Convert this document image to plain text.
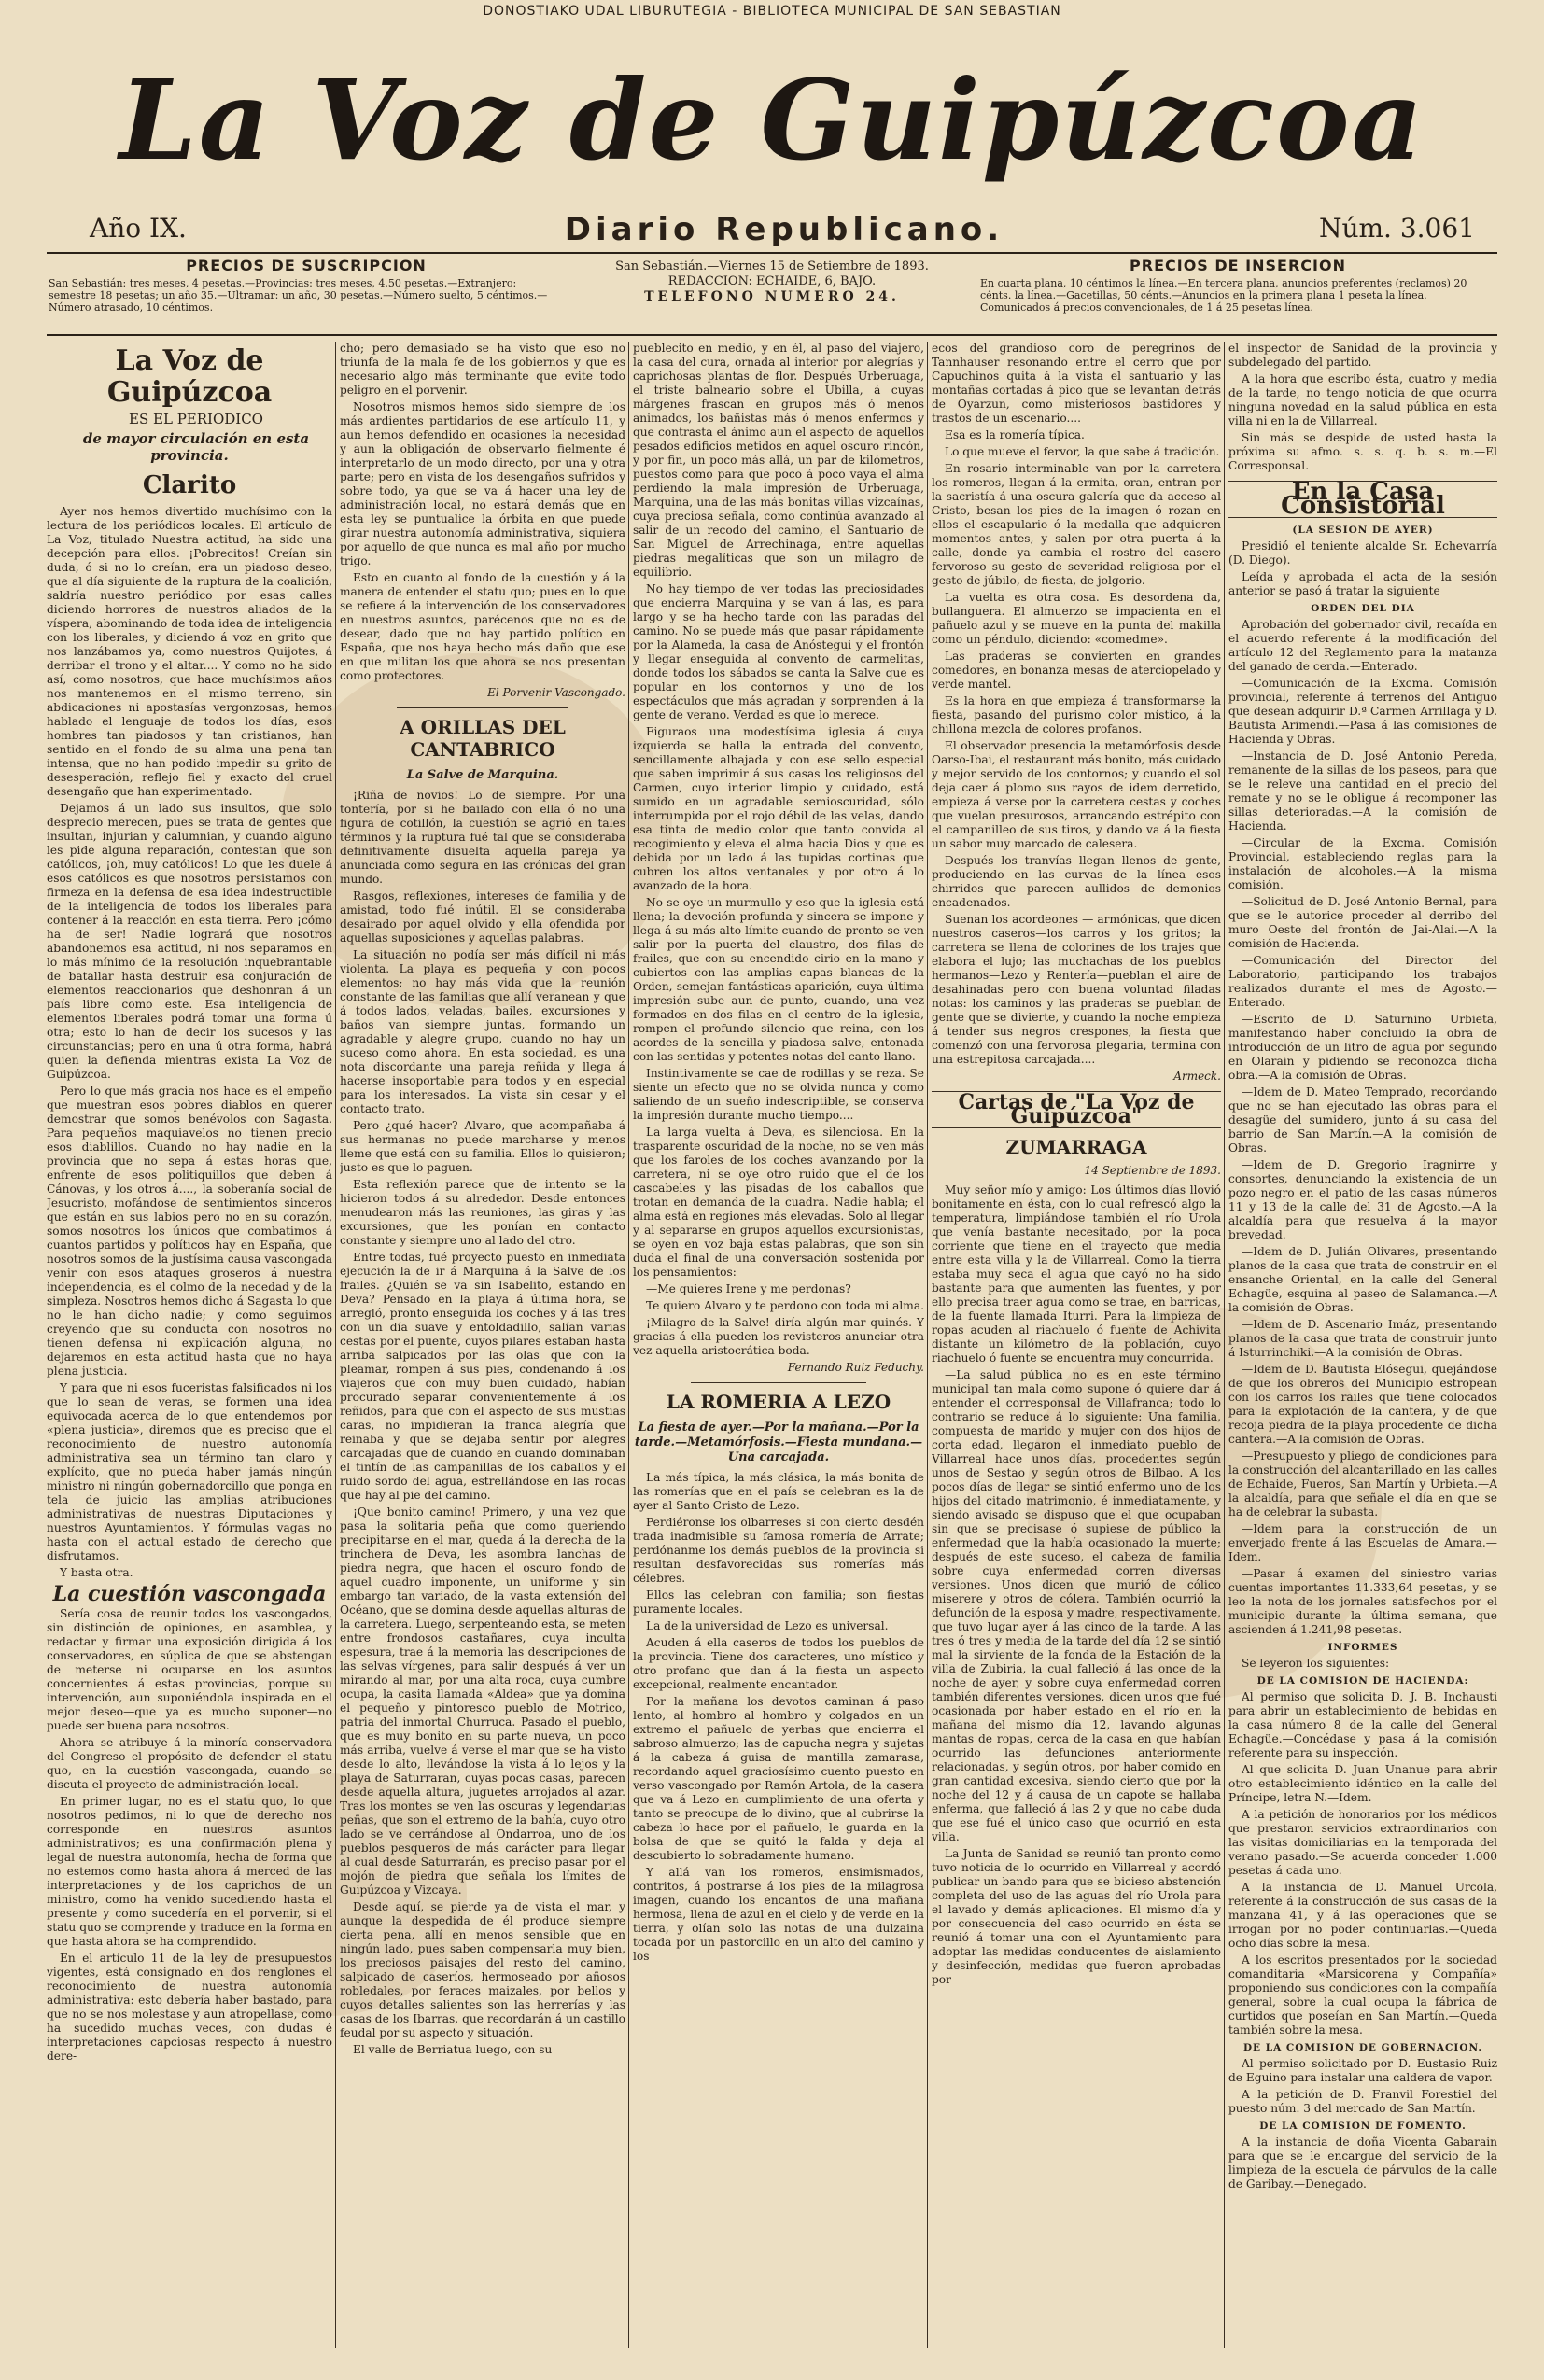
DONOSTIAKO UDAL LIBURUTEGIA - BIBLIOTECA MUNICIPAL DE SAN SEBASTIAN
La Voz de Guipúzcoa
Año IX.	Diario Republicano.	Núm. 3.061
PRECIOS DE SUSCRIPCION
San Sebastián: tres meses, 4 pesetas.—Provincias: tres meses, 4,50 pesetas.—Extranjero: semestre 18 pesetas; un año 35.—Ultramar: un año, 30 pesetas.—Número suelto, 5 céntimos.—Número atrasado, 10 céntimos.
San Sebastián.—Viernes 15 de Setiembre de 1893.
REDACCION: ECHAIDE, 6, BAJO.
TELEFONO NUMERO 24.
PRECIOS DE INSERCION
En cuarta plana, 10 céntimos la línea.—En tercera plana, anuncios preferentes (reclamos) 20 cénts. la línea.—Gacetillas, 50 cénts.—Anuncios en la primera plana 1 peseta la línea. Comunicados á precios convencionales, de 1 á 25 pesetas línea.
La Voz de Guipúzcoa

ES EL PERIODICO

de mayor circulación en esta provincia.

Clarito

Ayer nos hemos divertido muchísimo con la lectura de los periódicos locales. El artículo de La Voz, titulado Nuestra actitud, ha sido una decepción para ellos. ¡Pobrecitos! Creían sin duda, ó si no lo creían, era un piadoso deseo, que al día siguiente de la ruptura de la coalición, saldría nuestro periódico por esas calles diciendo horrores de nuestros aliados de la víspera, abominando de toda idea de inteligencia con los liberales, y diciendo á voz en grito que nos lanzábamos ya, como nuestros Quijotes, á derribar el trono y el altar.... Y como no ha sido así, como nosotros, que hace muchísimos años nos mantenemos en el mismo terreno, sin abdicaciones ni apostasías vergonzosas, hemos hablado el lenguaje de todos los días, esos hombres tan piadosos y tan cristianos, han sentido en el fondo de su alma una pena tan intensa, que no han podido impedir su grito de desesperación, reflejo fiel y exacto del cruel desengaño que han experimentado.

Dejamos á un lado sus insultos, que solo desprecio merecen, pues se trata de gentes que insultan, injurian y calumnian, y cuando alguno les pide alguna reparación, contestan que son católicos, ¡oh, muy católicos! Lo que les duele á esos católicos es que nosotros persistamos con firmeza en la defensa de esa idea indestructible de la inteligencia de todos los liberales para contener á la reacción en esta tierra. Pero ¡cómo ha de ser! Nadie logrará que nosotros abandonemos esa actitud, ni nos separamos en lo más mínimo de la resolución inquebrantable de batallar hasta destruir esa conjuración de elementos reaccionarios que deshonran á un país libre como este. Esa inteligencia de elementos liberales podrá tomar una forma ú otra; esto lo han de decir los sucesos y las circunstancias; pero en una ú otra forma, habrá quien la defienda mientras exista La Voz de Guipúzcoa.

Pero lo que más gracia nos hace es el empeño que muestran esos pobres diablos en querer demostrar que somos benévolos con Sagasta. Para pequeños maquiavelos no tienen precio esos diablillos. Cuando no hay nadie en la provincia que no sepa á estas horas que, enfrente de esos politiquillos que deben á Cánovas, y los otros á...., la soberanía social de Jesucristo, mofándose de sentimientos sinceros que están en sus labios pero no en su corazón, somos nosotros los únicos que combatimos á cuantos partidos y políticos hay en España, que nosotros somos de la justísima causa vascongada venir con esos ataques groseros á nuestra independencia, es el colmo de la necedad y de la simpleza. Nosotros hemos dicho á Sagasta lo que no le han dicho nadie; y como seguimos creyendo que su conducta con nosotros no tienen defensa ni explicación alguna, no dejaremos en esta actitud hasta que no haya plena justicia.

Y para que ni esos fuceristas falsificados ni los que lo sean de veras, se formen una idea equivocada acerca de lo que entendemos por «plena justicia», diremos que es preciso que el reconocimiento de nuestro autonomía administrativa sea un término tan claro y explícito, que no pueda haber jamás ningún ministro ni ningún gobernadorcillo que ponga en tela de juicio las amplias atribuciones administrativas de nuestras Diputaciones y nuestros Ayuntamientos. Y fórmulas vagas no hasta con el actual estado de derecho que disfrutamos.

Y basta otra.

La cuestión vascongada

Sería cosa de reunir todos los vascongados, sin distinción de opiniones, en asamblea, y redactar y firmar una exposición dirigida á los conservadores, en súplica de que se abstengan de meterse ni ocuparse en los asuntos concernientes á estas provincias, porque su intervención, aun suponiéndola inspirada en el mejor deseo—que ya es mucho suponer—no puede ser buena para nosotros.

Ahora se atribuye á la minoría conservadora del Congreso el propósito de defender el statu quo, en la cuestión vascongada, cuando se discuta el proyecto de administración local.

En primer lugar, no es el statu quo, lo que nosotros pedimos, ni lo que de derecho nos corresponde en nuestros asuntos administrativos; es una confirmación plena y legal de nuestra autonomía, hecha de forma que no estemos como hasta ahora á merced de las interpretaciones y de los caprichos de un ministro, como ha venido sucediendo hasta el presente y como sucedería en el porvenir, si el statu quo se comprende y traduce en la forma en que hasta ahora se ha comprendido.

En el artículo 11 de la ley de presupuestos vigentes, está consignado en dos renglones el reconocimiento de nuestra autonomía administrativa: esto debería haber bastado, para que no se nos molestase y aun atropellase, como ha sucedido muchas veces, con dudas é interpretaciones capciosas respecto á nuestro dere-

cho; pero demasiado se ha visto que eso no triunfa de la mala fe de los gobiernos y que es necesario algo más terminante que evite todo peligro en el porvenir.

Nosotros mismos hemos sido siempre de los más ardientes partidarios de ese artículo 11, y aun hemos defendido en ocasiones la necesidad y aun la obligación de observarlo fielmente é interpretarlo de un modo directo, por una y otra parte; pero en vista de los desengaños sufridos y sobre todo, ya que se va á hacer una ley de administración local, no estará demás que en esta ley se puntualice la órbita en que puede girar nuestra autonomía administrativa, siquiera por aquello de que nunca es mal año por mucho trigo.

Esto en cuanto al fondo de la cuestión y á la manera de entender el statu quo; pues en lo que se refiere á la intervención de los conservadores en nuestros asuntos, parécenos que no es de desear, dado que no hay partido político en España, que nos haya hecho más daño que ese en que militan los que ahora se nos presentan como protectores.

El Porvenir Vascongado.
A ORILLAS DEL CANTABRICO
La Salve de Marquina.

¡Riña de novios! Lo de siempre. Por una tontería, por si he bailado con ella ó no una figura de cotillón, la cuestión se agrió en tales términos y la ruptura fué tal que se consideraba definitivamente disuelta aquella pareja ya anunciada como segura en las crónicas del gran mundo.

Rasgos, reflexiones, intereses de familia y de amistad, todo fué inútil. El se consideraba desairado por aquel olvido y ella ofendida por aquellas suposiciones y aquellas palabras.

La situación no podía ser más difícil ni más violenta. La playa es pequeña y con pocos elementos; no hay más vida que la reunión constante de las familias que allí veranean y que á todos lados, veladas, bailes, excursiones y baños van siempre juntas, formando un agradable y alegre grupo, cuando no hay un suceso como ahora. En esta sociedad, es una nota discordante una pareja reñida y llega á hacerse insoportable para todos y en especial para los interesados. La vista sin cesar y el contacto trato.

Pero ¿qué hacer? Alvaro, que acompañaba á sus hermanas no puede marcharse y menos lleme que está con su familia. Ellos lo quisieron; justo es que lo paguen.

Esta reflexión parece que de intento se la hicieron todos á su alrededor. Desde entonces menudearon más las reuniones, las giras y las excursiones, que les ponían en contacto constante y siempre uno al lado del otro.

Entre todas, fué proyecto puesto en inmediata ejecución la de ir á Marquina á la Salve de los frailes. ¿Quién se va sin Isabelito, estando en Deva? Pensado en la playa á última hora, se arregló, pronto enseguida los coches y á las tres con un día suave y entoldadillo, salían varias cestas por el puente, cuyos pilares estaban hasta arriba salpicados por las olas que con la pleamar, rompen á sus pies, condenando á los viajeros que con muy buen cuidado, habían procurado separar convenientemente á los reñidos, para que con el aspecto de sus mustias caras, no impidieran la franca alegría que reinaba y que se dejaba sentir por alegres carcajadas que de cuando en cuando dominaban el tintín de las campanillas de los caballos y el ruido sordo del agua, estrellándose en las rocas que hay al pie del camino.

¡Que bonito camino! Primero, y una vez que pasa la solitaria peña que como queriendo precipitarse en el mar, queda á la derecha de la trinchera de Deva, les asombra lanchas de piedra negra, que hacen el oscuro fondo de aquel cuadro imponente, un uniforme y sin embargo tan variado, de la vasta extensión del Océano, que se domina desde aquellas alturas de la carretera. Luego, serpenteando esta, se meten entre frondosos castañares, cuya inculta espesura, trae á la memoria las descripciones de las selvas vírgenes, para salir después á ver un mirando al mar, por una alta roca, cuya cumbre ocupa, la casita llamada «Aldea» que ya domina el pequeño y pintoresco pueblo de Motrico, patria del inmortal Churruca. Pasado el pueblo, que es muy bonito en su parte nueva, un poco más arriba, vuelve á verse el mar que se ha visto desde lo alto, llevándose la vista á lo lejos y la playa de Saturraran, cuyas pocas casas, parecen desde aquella altura, juguetes arrojados al azar. Tras los montes se ven las oscuras y legendarias peñas, que son el extremo de la bahía, cuyo otro lado se ve cerrándose al Ondarroa, uno de los pueblos pesqueros de más carácter para llegar al cual desde Saturrarán, es preciso pasar por el mojón de piedra que señala los límites de Guipúzcoa y Vizcaya.

Desde aquí, se pierde ya de vista el mar, y aunque la despedida de él produce siempre cierta pena, allí en menos sensible que en ningún lado, pues saben compensarla muy bien, los preciosos paisajes del resto del camino, salpicado de caseríos, hermoseado por añosos robledales, por feraces maizales, por bellos y cuyos detalles salientes son las herrerías y las casas de los Ibarras, que recordarán á un castillo feudal por su aspecto y situación.

El valle de Berriatua luego, con su

pueblecito en medio, y en él, al paso del viajero, la casa del cura, ornada al interior por alegrías y caprichosas plantas de flor. Después Urberuaga, el triste balneario sobre el Ubilla, á cuyas márgenes frascan en grupos más ó menos animados, los bañistas más ó menos enfermos y que contrasta el ánimo aun el aspecto de aquellos pesados edificios metidos en aquel oscuro rincón, y por fin, un poco más allá, un par de kilómetros, puestos como para que poco á poco vaya el alma perdiendo la mala impresión de Urberuaga, Marquina, una de las más bonitas villas vizcaínas, cuya preciosa señala, como continúa avanzado al salir de un recodo del camino, el Santuario de San Miguel de Arrechinaga, entre aquellas piedras megalíticas que son un milagro de equilibrio.

No hay tiempo de ver todas las preciosidades que encierra Marquina y se van á las, es para largo y se ha hecho tarde con las paradas del camino. No se puede más que pasar rápidamente por la Alameda, la casa de Anóstegui y el frontón y llegar enseguida al convento de carmelitas, donde todos los sábados se canta la Salve que es popular en los contornos y uno de los espectáculos que más agradan y sorprenden á la gente de verano. Verdad es que lo merece.

Figuraos una modestísima iglesia á cuya izquierda se halla la entrada del convento, sencillamente albajada y con ese sello especial que saben imprimir á sus casas los religiosos del Carmen, cuyo interior limpio y cuidado, está sumido en un agradable semioscuridad, sólo interrumpida por el rojo débil de las velas, dando esa tinta de medio color que tanto convida al recogimiento y eleva el alma hacia Dios y que es debida por un lado á las tupidas cortinas que cubren los altos ventanales y por otro á lo avanzado de la hora.

No se oye un murmullo y eso que la iglesia está llena; la devoción profunda y sincera se impone y llega á su más alto límite cuando de pronto se ven salir por la puerta del claustro, dos filas de frailes, que con su encendido cirio en la mano y cubiertos con las amplias capas blancas de la Orden, semejan fantásticas aparición, cuya última impresión sube aun de punto, cuando, una vez formados en dos filas en el centro de la iglesia, rompen el profundo silencio que reina, con los acordes de la sencilla y piadosa salve, entonada con las sentidas y potentes notas del canto llano.

Instintivamente se cae de rodillas y se reza. Se siente un efecto que no se olvida nunca y como saliendo de un sueño indescriptible, se conserva la impresión durante mucho tiempo....

La larga vuelta á Deva, es silenciosa. En la trasparente oscuridad de la noche, no se ven más que los faroles de los coches avanzando por la carretera, ni se oye otro ruido que el de los cascabeles y las pisadas de los caballos que trotan en demanda de la cuadra. Nadie habla; el alma está en regiones más elevadas. Solo al llegar y al separarse en grupos aquellos excursionistas, se oyen en voz baja estas palabras, que son sin duda el final de una conversación sostenida por los pensamientos:

—Me quieres Irene y me perdonas?

Te quiero Alvaro y te perdono con toda mi alma.

¡Milagro de la Salve! diría algún mar quinés. Y gracias á ella pueden los revisteros anunciar otra vez aquella aristocrática boda.

Fernando Ruiz Feduchy.
LA ROMERIA A LEZO
La fiesta de ayer.—Por la mañana.—Por la tarde.—Metamórfosis.—Fiesta mundana.—Una carcajada.

La más típica, la más clásica, la más bonita de las romerías que en el país se celebran es la de ayer al Santo Cristo de Lezo.

Perdiéronse los olbarreses si con cierto desdén trada inadmisible su famosa romería de Arrate; perdónanme los demás pueblos de la provincia si resultan desfavorecidas sus romerías más célebres.

Ellos las celebran con familia; son fiestas puramente locales.

La de la universidad de Lezo es universal.

Acuden á ella caseros de todos los pueblos de la provincia. Tiene dos caracteres, uno místico y otro profano que dan á la fiesta un aspecto excepcional, realmente encantador.

Por la mañana los devotos caminan á paso lento, al hombro al hombro y colgados en un extremo el pañuelo de yerbas que encierra el sabroso almuerzo; las de capucha negra y sujetas á la cabeza á guisa de mantilla zamarasa, recordando aquel graciosísimo cuento puesto en verso vascongado por Ramón Artola, de la casera que va á Lezo en cumplimiento de una oferta y tanto se preocupa de lo divino, que al cubrirse la cabeza lo hace por el pañuelo, le guarda en la bolsa de que se quitó la falda y deja al descubierto lo sobradamente humano.

Y allá van los romeros, ensimismados, contritos, á postrarse á los pies de la milagrosa imagen, cuando los encantos de una mañana hermosa, llena de azul en el cielo y de verde en la tierra, y olían solo las notas de una dulzaina tocada por un pastorcillo en un alto del camino y los

ecos del grandioso coro de peregrinos de Tannhauser resonando entre el cerro que por Capuchinos quita á la vista el santuario y las montañas cortadas á pico que se levantan detrás de Oyarzun, como misteriosos bastidores y trastos de un escenario....

Esa es la romería típica.

Lo que mueve el fervor, la que sabe á tradición.

En rosario interminable van por la carretera los romeros, llegan á la ermita, oran, entran por la sacristía á una oscura galería que da acceso al Cristo, besan los pies de la imagen ó rozan en ellos el escapulario ó la medalla que adquieren momentos antes, y salen por otra puerta á la calle, donde ya cambia el rostro del casero fervoroso su gesto de severidad religiosa por el gesto de júbilo, de fiesta, de jolgorio.

La vuelta es otra cosa. Es desordena da, bullanguera. El almuerzo se impacienta en el pañuelo azul y se mueve en la punta del makilla como un péndulo, diciendo: «comedme».

Las praderas se convierten en grandes comedores, en bonanza mesas de aterciopelado y verde mantel.

Es la hora en que empieza á transformarse la fiesta, pasando del purismo color místico, á la chillona mezcla de colores profanos.

El observador presencia la metamórfosis desde Oarso-Ibai, el restaurant más bonito, más cuidado y mejor servido de los contornos; y cuando el sol deja caer á plomo sus rayos de idem derretido, empieza á verse por la carretera cestas y coches que vuelan presurosos, arrancando estrépito con el campanilleo de sus tiros, y dando va á la fiesta un sabor muy marcado de calesera.

Después los tranvías llegan llenos de gente, produciendo en las curvas de la línea esos chirridos que parecen aullidos de demonios encadenados.

Suenan los acordeones — armónicas, que dicen nuestros caseros—los carros y los gritos; la carretera se llena de colorines de los trajes que elabora el lujo; las muchachas de los pueblos hermanos—Lezo y Rentería—pueblan el aire de desahinadas pero con buena voluntad filadas notas: los caminos y las praderas se pueblan de gente que se divierte, y cuando la noche empieza á tender sus negros crespones, la fiesta que comenzó con una fervorosa plegaria, termina con una estrepitosa carcajada....

Armeck.
Cartas de "La Voz de Guipúzcoa"
ZUMARRAGA
14 Septiembre de 1893.

Muy señor mío y amigo: Los últimos días llovió bonitamente en ésta, con lo cual refrescó algo la temperatura, limpiándose también el río Urola que venía bastante necesitado, por la poca corriente que tiene en el trayecto que media entre esta villa y la de Villarreal. Como la tierra estaba muy seca el agua que cayó no ha sido bastante para que aumenten las fuentes, y por ello precisa traer agua como se trae, en barricas, de la fuente llamada Iturri. Para la limpieza de ropas acuden al riachuelo ó fuente de Achivita distante un kilómetro de la población, cuyo riachuelo ó fuente se encuentra muy concurrida.

—La salud pública no es en este término municipal tan mala como supone ó quiere dar á entender el corresponsal de Villafranca; todo lo contrario se reduce á lo siguiente: Una familia, compuesta de marido y mujer con dos hijos de corta edad, llegaron el inmediato pueblo de Villarreal hace unos días, procedentes según unos de Sestao y según otros de Bilbao. A los pocos días de llegar se sintió enfermo uno de los hijos del citado matrimonio, é inmediatamente, y siendo avisado se dispuso que el que ocupaban sin que se precisase ó supiese de público la enfermedad que la había ocasionado la muerte; después de este suceso, el cabeza de familia sobre cuya enfermedad corren diversas versiones. Unos dicen que murió de cólico miserere y otros de cólera. También ocurrió la defunción de la esposa y madre, respectivamente, que tuvo lugar ayer á las cinco de la tarde. A las tres ó tres y media de la tarde del día 12 se sintió mal la sirviente de la fonda de la Estación de la villa de Zubiria, la cual falleció á las once de la noche de ayer, y sobre cuya enfermedad corren también diferentes versiones, dicen unos que fué ocasionada por haber estado en el río en la mañana del mismo día 12, lavando algunas mantas de ropas, cerca de la casa en que habían ocurrido las defunciones anteriormente relacionadas, y según otros, por haber comido en gran cantidad excesiva, siendo cierto que por la noche del 12 y á causa de un capote se hallaba enferma, que falleció á las 2 y que no cabe duda que ese fué el único caso que ocurrió en esta villa.

La Junta de Sanidad se reunió tan pronto como tuvo noticia de lo ocurrido en Villarreal y acordó publicar un bando para que se bicieso abstención completa del uso de las aguas del río Urola para el lavado y demás aplicaciones. El mismo día y por consecuencia del caso ocurrido en ésta se reunió á tomar una con el Ayuntamiento para adoptar las medidas conducentes de aislamiento y desinfección, medidas que fueron aprobadas por

el inspector de Sanidad de la provincia y subdelegado del partido.

A la hora que escribo ésta, cuatro y media de la tarde, no tengo noticia de que ocurra ninguna novedad en la salud pública en esta villa ni en la de Villarreal.

Sin más se despide de usted hasta la próxima su afmo. s. s. q. b. s. m.—El Corresponsal.

En la Casa Consistorial
(LA SESION DE AYER)

Presidió el teniente alcalde Sr. Echevarría (D. Diego).

Leída y aprobada el acta de la sesión anterior se pasó á tratar la siguiente

ORDEN DEL DIA

Aprobación del gobernador civil, recaída en el acuerdo referente á la modificación del artículo 12 del Reglamento para la matanza del ganado de cerda.—Enterado.

—Comunicación de la Excma. Comisión provincial, referente á terrenos del Antiguo que desean adquirir D.ª Carmen Arrillaga y D. Bautista Arimendi.—Pasa á las comisiones de Hacienda y Obras.

—Instancia de D. José Antonio Pereda, remanente de la sillas de los paseos, para que se le releve una cantidad en el precio del remate y no se le obligue á recomponer las sillas deterioradas.—A la comisión de Hacienda.

—Circular de la Excma. Comisión Provincial, estableciendo reglas para la instalación de alcoholes.—A la misma comisión.

—Solicitud de D. José Antonio Bernal, para que se le autorice proceder al derribo del muro Oeste del frontón de Jai-Alai.—A la comisión de Hacienda.

—Comunicación del Director del Laboratorio, participando los trabajos realizados durante el mes de Agosto.—Enterado.

—Escrito de D. Saturnino Urbieta, manifestando haber concluido la obra de introducción de un litro de agua por segundo en Olarain y pidiendo se reconozca dicha obra.—A la comisión de Obras.

—Idem de D. Mateo Temprado, recordando que no se han ejecutado las obras para el desagüe del sumidero, junto á su casa del barrio de San Martín.—A la comisión de Obras.

—Idem de D. Gregorio Iragnirre y consortes, denunciando la existencia de un pozo negro en el patio de las casas números 11 y 13 de la calle del 31 de Agosto.—A la alcaldía para que resuelva á la mayor brevedad.

—Idem de D. Julián Olivares, presentando planos de la casa que trata de construir en el ensanche Oriental, en la calle del General Echagüe, esquina al paseo de Salamanca.—A la comisión de Obras.

—Idem de D. Ascenario Imáz, presentando planos de la casa que trata de construir junto á Isturrinchiki.—A la comisión de Obras.

—Idem de D. Bautista Elósegui, quejándose de que los obreros del Municipio estropean con los carros los railes que tiene colocados para la explotación de la cantera, y de que recoja piedra de la playa procedente de dicha cantera.—A la comisión de Obras.

—Presupuesto y pliego de condiciones para la construcción del alcantarillado en las calles de Echaide, Fueros, San Martín y Urbieta.—A la alcaldía, para que señale el día en que se ha de celebrar la subasta.

—Idem para la construcción de un enverjado frente á las Escuelas de Amara.—Idem.

—Pasar á examen del siniestro varias cuentas importantes 11.333,64 pesetas, y se leo la nota de los jornales satisfechos por el municipio durante la última semana, que ascienden á 1.241,98 pesetas.

INFORMES

Se leyeron los siguientes:

DE LA COMISION DE HACIENDA:

Al permiso que solicita D. J. B. Inchausti para abrir un establecimiento de bebidas en la casa número 8 de la calle del General Echagüe.—Concédase y pasa á la comisión referente para su inspección.

Al que solicita D. Juan Unanue para abrir otro establecimiento idéntico en la calle del Príncipe, letra N.—Idem.

A la petición de honorarios por los médicos que prestaron servicios extraordinarios con las visitas domiciliarias en la temporada del verano pasado.—Se acuerda conceder 1.000 pesetas á cada uno.

A la instancia de D. Manuel Urcola, referente á la construcción de sus casas de la manzana 41, y á las operaciones que se irrogan por no poder continuarlas.—Queda ocho días sobre la mesa.

A los escritos presentados por la sociedad comanditaria «Marsicorena y Compañía» proponiendo sus condiciones con la compañía general, sobre la cual ocupa la fábrica de curtidos que poseían en San Martín.—Queda también sobre la mesa.

DE LA COMISION DE GOBERNACION.

Al permiso solicitado por D. Eustasio Ruiz de Eguino para instalar una caldera de vapor.

A la petición de D. Franvil Forestiel del puesto núm. 3 del mercado de San Martín.

DE LA COMISION DE FOMENTO.

A la instancia de doña Vicenta Gabarain para que se le encargue del servicio de la limpieza de la escuela de párvulos de la calle de Garibay.—Denegado.
